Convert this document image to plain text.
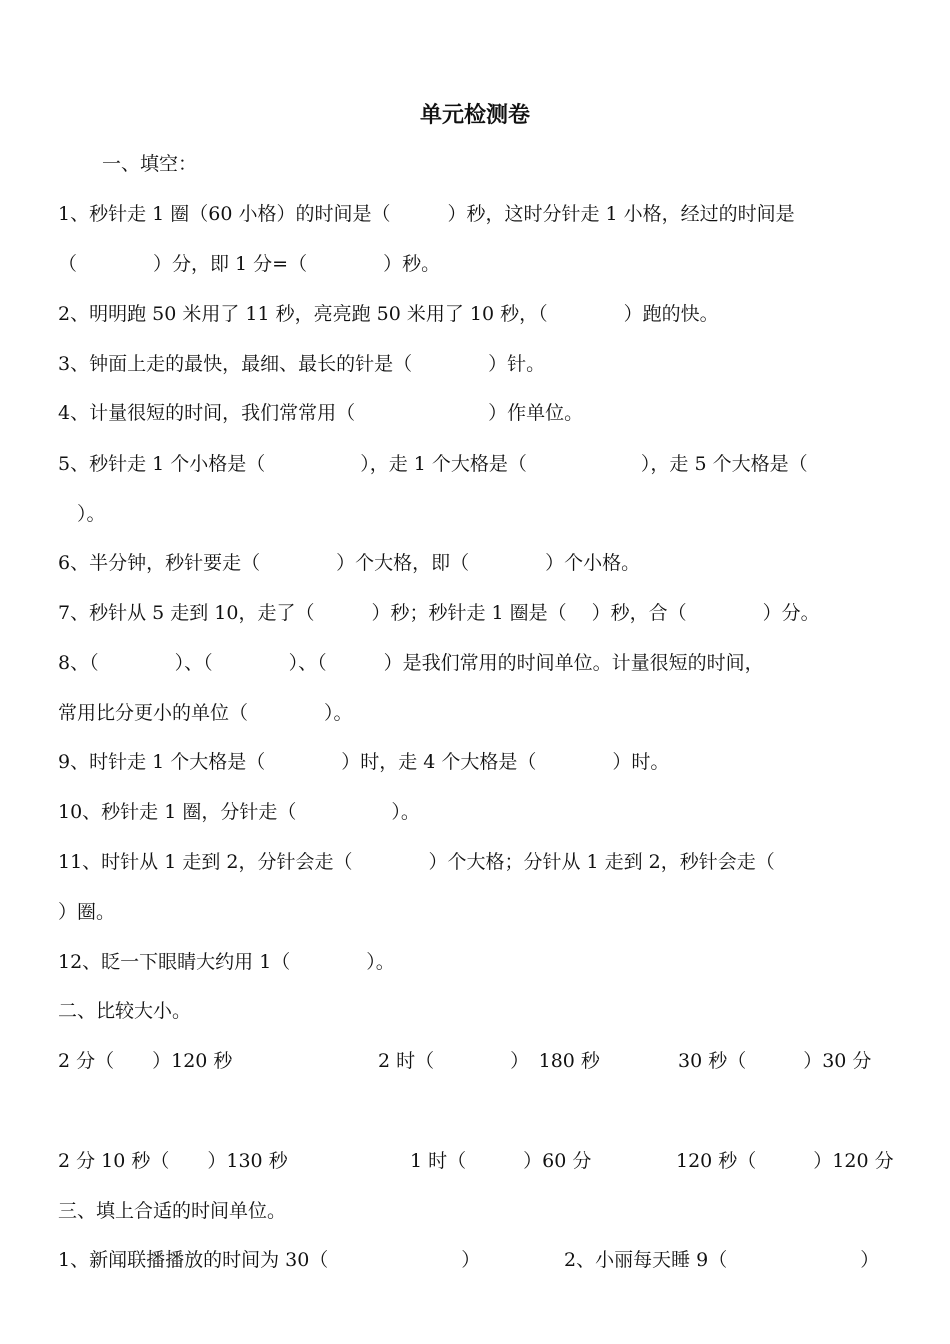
单元检测卷
一、填空：
1、秒针走 1 圈（60 小格）的时间是（　　　）秒，这时分针走 1 小格，经过的时间是
（　　　　）分，即 1 分=（　　　　）秒。
2、明明跑 50 米用了 11 秒，亮亮跑 50 米用了 10 秒，（　　　　）跑的快。
3、钟面上走的最快，最细、最长的针是（　　　　）针。
4、计量很短的时间，我们常常用（　　　　　　　）作单位。
5、秒针走 1 个小格是（　　　　　），走 1 个大格是（　　　　　　），走 5 个大格是（
　）。
6、半分钟，秒针要走（　　　　）个大格，即（　　　　）个小格。
7、秒针从 5 走到 10，走了（　　　）秒；秒针走 1 圈是（　 ）秒，合（　　　　）分。
8、（　　　　）、（　　　　）、（　　　）是我们常用的时间单位。计量很短的时间，
常用比分更小的单位（　　　　）。
9、时针走 1 个大格是（　　　　）时，走 4 个大格是（　　　　）时。
10、秒针走 1 圈，分针走（　　　　　）。
11、时针从 1 走到 2，分针会走（　　　　）个大格；分针从 1 走到 2，秒针会走（
）圈。
12、眨一下眼睛大约用 1（　　　　）。
二、比较大小。
2 分（　　）120 秒	2 时（　　　　）　180 秒	30 秒（　　　）30 分
2 分 10 秒（　　）130 秒	1 时（　　　）60 分	120 秒（　　　）120 分
三、填上合适的时间单位。
1、新闻联播播放的时间为 30（　　　　　　　）	2、小丽每天睡 9（　　　　　　　）
